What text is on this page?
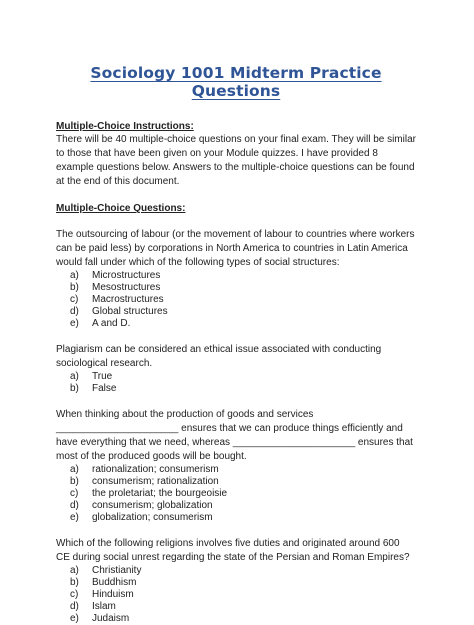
Sociology 1001 Midterm Practice Questions

Multiple-Choice Instructions:

There will be 40 multiple-choice questions on your final exam. They will be similar to those that have been given on your Module quizzes. I have provided 8 example questions below. Answers to the multiple-choice questions can be found at the end of this document.

Multiple-Choice Questions:

The outsourcing of labour (or the movement of labour to countries where workers can be paid less) by corporations in North America to countries in Latin America would fall under which of the following types of social structures:

a)	Microstructures
b)	Mesostructures
c)	Macrostructures
d)	Global structures
e)	A and D.

Plagiarism can be considered an ethical issue associated with conducting sociological research.

a)	True
b)	False

When thinking about the production of goods and services ______________________ ensures that we can produce things efficiently and have everything that we need, whereas ______________________ ensures that most of the produced goods will be bought.

a)	rationalization; consumerism
b)	consumerism; rationalization
c)	the proletariat; the bourgeoisie
d)	consumerism; globalization
e)	globalization; consumerism

Which of the following religions involves five duties and originated around 600 CE during social unrest regarding the state of the Persian and Roman Empires?

a)	Christianity
b)	Buddhism
c)	Hinduism
d)	Islam
e)	Judaism
